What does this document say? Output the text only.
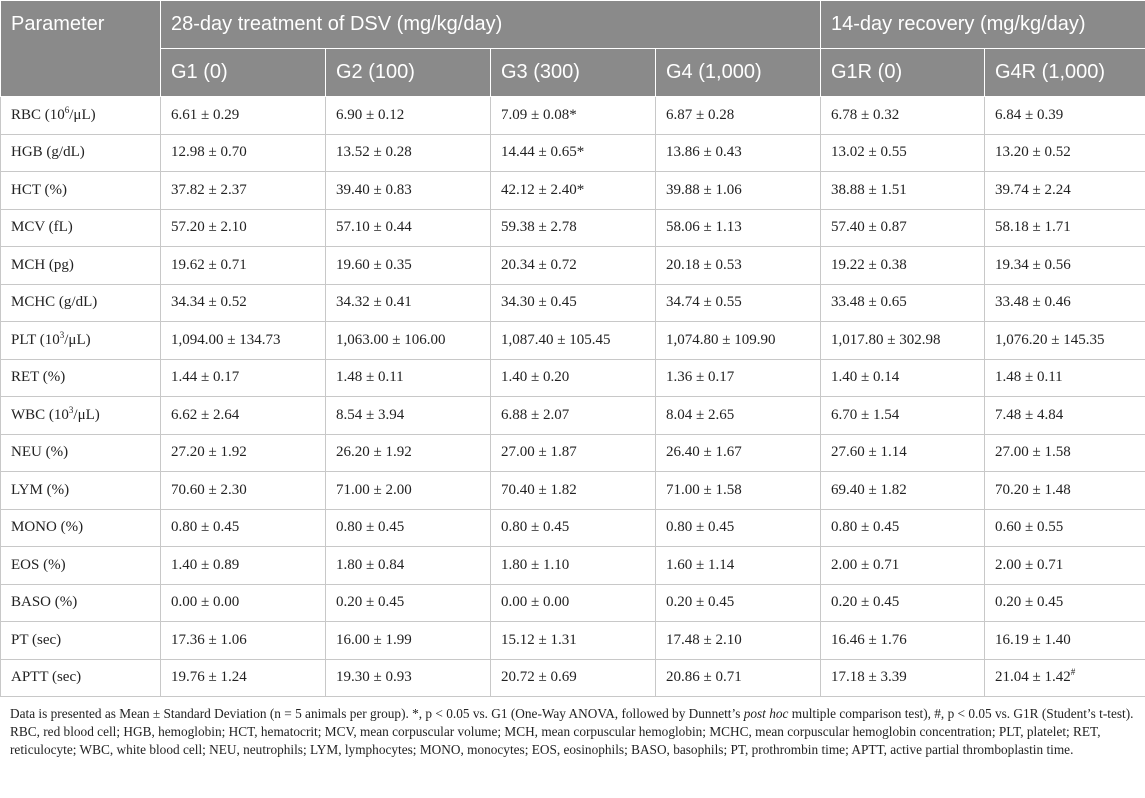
Parameter	28-day treatment of DSV (mg/kg/day)				14-day recovery (mg/kg/day)	
	G1 (0)	G2 (100)	G3 (300)	G4 (1,000)	G1R (0)	G4R (1,000)
RBC $(10^6/\mu L)$	6.61 ± 0.29	6.90 ± 0.12	7.09 ± 0.08*	6.87 ± 0.28	6.78 ± 0.32	6.84 ± 0.39
HGB (g/dL)	12.98 ± 0.70	13.52 ± 0.28	14.44 ± 0.65*	13.86 ± 0.43	13.02 ± 0.55	13.20 ± 0.52
HCT (%)	37.82 ± 2.37	39.40 ± 0.83	42.12 ± 2.40*	39.88 ± 1.06	38.88 ± 1.51	39.74 ± 2.24
MCV (fL)	57.20 ± 2.10	57.10 ± 0.44	59.38 ± 2.78	58.06 ± 1.13	57.40 ± 0.87	58.18 ± 1.71
MCH (pg)	19.62 ± 0.71	19.60 ± 0.35	20.34 ± 0.72	20.18 ± 0.53	19.22 ± 0.38	19.34 ± 0.56
MCHC (g/dL)	34.34 ± 0.52	34.32 ± 0.41	34.30 ± 0.45	34.74 ± 0.55	33.48 ± 0.65	33.48 ± 0.46
PLT $(10^3/\mu L)$	1,094.00 ± 134.73	1,063.00 ± 106.00	1,087.40 ± 105.45	1,074.80 ± 109.90	1,017.80 ± 302.98	1,076.20 ± 145.35
RET (%)	1.44 ± 0.17	1.48 ± 0.11	1.40 ± 0.20	1.36 ± 0.17	1.40 ± 0.14	1.48 ± 0.11
WBC $(10^3/\mu L)$	6.62 ± 2.64	8.54 ± 3.94	6.88 ± 2.07	8.04 ± 2.65	6.70 ± 1.54	7.48 ± 4.84
NEU (%)	27.20 ± 1.92	26.20 ± 1.92	27.00 ± 1.87	26.40 ± 1.67	27.60 ± 1.14	27.00 ± 1.58
LYM (%)	70.60 ± 2.30	71.00 ± 2.00	70.40 ± 1.82	71.00 ± 1.58	69.40 ± 1.82	70.20 ± 1.48
MONO (%)	0.80 ± 0.45	0.80 ± 0.45	0.80 ± 0.45	0.80 ± 0.45	0.80 ± 0.45	0.60 ± 0.55
EOS (%)	1.40 ± 0.89	1.80 ± 0.84	1.80 ± 1.10	1.60 ± 1.14	2.00 ± 0.71	2.00 ± 0.71
BASO (%)	0.00 ± 0.00	0.20 ± 0.45	0.00 ± 0.00	0.20 ± 0.45	0.20 ± 0.45	0.20 ± 0.45
PT (sec)	17.36 ± 1.06	16.00 ± 1.99	15.12 ± 1.31	17.48 ± 2.10	16.46 ± 1.76	16.19 ± 1.40
APTT (sec)	19.76 ± 1.24	19.30 ± 0.93	20.72 ± 0.69	20.86 ± 0.71	17.18 ± 3.39	21.04 ± 1.42#

Data is presented as Mean ± Standard Deviation (n = 5 animals per group). *, p < 0.05 vs. G1 (One-Way ANOVA, followed by Dunnett’s post hoc multiple comparison test), #, p < 0.05 vs. G1R (Student’s t-test). RBC, red blood cell; HGB, hemoglobin; HCT, hematocrit; MCV, mean corpuscular volume; MCH, mean corpuscular hemoglobin; MCHC, mean corpuscular hemoglobin concentration; PLT, platelet; RET, reticulocyte; WBC, white blood cell; NEU, neutrophils; LYM, lymphocytes; MONO, monocytes; EOS, eosinophils; BASO, basophils; PT, prothrombin time; APTT, active partial thromboplastin time.
